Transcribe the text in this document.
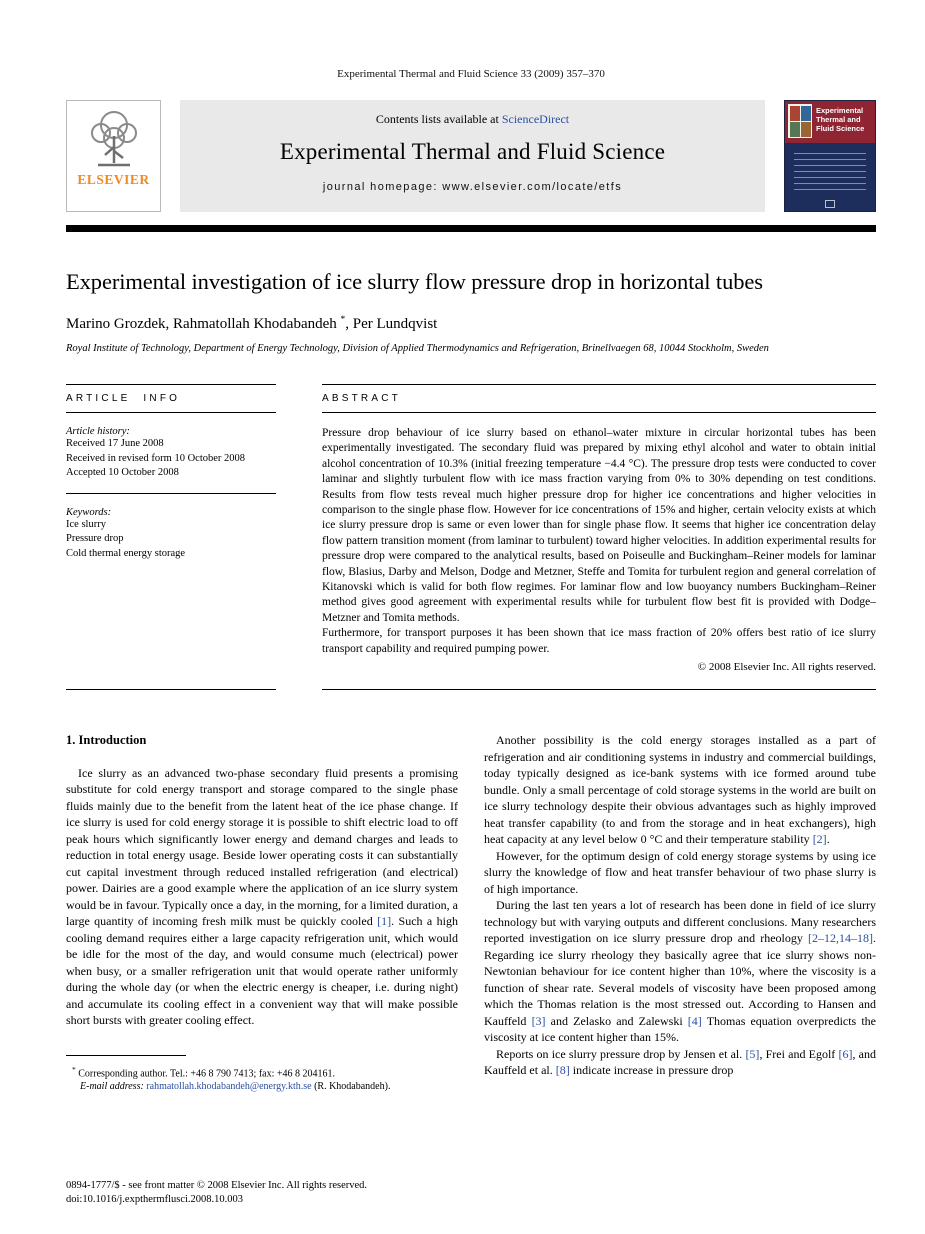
Experimental Thermal and Fluid Science 33 (2009) 357–370
ELSEVIER
Contents lists available at ScienceDirect
Experimental Thermal and Fluid Science
journal homepage: www.elsevier.com/locate/etfs
Experimental Thermal and Fluid Science
Experimental investigation of ice slurry flow pressure drop in horizontal tubes
Marino Grozdek, Rahmatollah Khodabandeh *, Per Lundqvist
Royal Institute of Technology, Department of Energy Technology, Division of Applied Thermodynamics and Refrigeration, Brinellvaegen 68, 10044 Stockholm, Sweden
ARTICLE INFO
Article history:
Received 17 June 2008
Received in revised form 10 October 2008
Accepted 10 October 2008
Keywords:
Ice slurry
Pressure drop
Cold thermal energy storage
ABSTRACT
Pressure drop behaviour of ice slurry based on ethanol–water mixture in circular horizontal tubes has been experimentally investigated. The secondary fluid was prepared by mixing ethyl alcohol and water to obtain initial alcohol concentration of 10.3% (initial freezing temperature −4.4 °C). The pressure drop tests were conducted to cover laminar and slightly turbulent flow with ice mass fraction varying from 0% to 30% depending on test conditions. Results from flow tests reveal much higher pressure drop for higher ice concentrations and higher velocities in comparison to the single phase flow. However for ice concentrations of 15% and higher, certain velocity exists at which ice slurry pressure drop is same or even lower than for single phase flow. It seems that higher ice concentration delay flow pattern transition moment (from laminar to turbulent) toward higher velocities. In addition experimental results for pressure drop were compared to the analytical results, based on Poiseulle and Buckingham–Reiner models for laminar flow, Blasius, Darby and Melson, Dodge and Metzner, Steffe and Tomita for turbulent region and general correlation of Kitanovski which is valid for both flow regimes. For laminar flow and low buoyancy numbers Buckingham–Reiner method gives good agreement with experimental results while for turbulent flow best fit is provided with Dodge–Metzner and Tomita methods.
Furthermore, for transport purposes it has been shown that ice mass fraction of 20% offers best ratio of ice slurry transport capability and required pumping power.
© 2008 Elsevier Inc. All rights reserved.
1. Introduction

Ice slurry as an advanced two-phase secondary fluid presents a promising substitute for cold energy transport and storage compared to the single phase fluids mainly due to the benefit from the latent heat of the ice phase change. If ice slurry is used for cold energy storage it is possible to shift electric load to off peak hours which significantly lower energy and demand charges and leads to reduction in total energy usage. Beside lower operating costs it can substantially cut capital investment through reduced installed refrigeration (and electrical) power. Dairies are a good example where the application of an ice slurry system would be in favour. Typically once a day, in the morning, for a limited duration, a large quantity of incoming fresh milk must be quickly cooled [1]. Such a high cooling demand requires either a large capacity refrigeration unit, which would be idle for the most of the day, and would consume much (electrical) power when busy, or a smaller refrigeration unit that would operate rather uniformly during the whole day (or when the electric energy is cheaper, i.e. during night) and accumulate its cooling effect in a convenient way that will make possible short bursts with greater cooling effect.

* Corresponding author. Tel.: +46 8 790 7413; fax: +46 8 204161.
E-mail address: rahmatollah.khodabandeh@energy.kth.se (R. Khodabandeh).

Another possibility is the cold energy storages installed as a part of refrigeration and air conditioning systems in industry and commercial buildings, today typically designed as ice-bank systems with ice formed around tube bundle. Only a small percentage of cold storage systems in the world are built on ice slurry technology despite their obvious advantages such as highly improved heat transfer capability (to and from the storage and in heat exchangers), high heat capacity at any level below 0 °C and their temperature stability [2].

However, for the optimum design of cold energy storage systems by using ice slurry the knowledge of flow and heat transfer behaviour of two phase slurry is of high importance.

During the last ten years a lot of research has been done in field of ice slurry technology but with varying outputs and different conclusions. Many researchers reported investigation on ice slurry pressure drop and rheology [2–12,14–18]. Regarding ice slurry rheology they basically agree that ice slurry shows non-Newtonian behaviour for ice content higher than 10%, where the viscosity is a function of shear rate. Several models of viscosity have been proposed among which the Thomas relation is the most stressed out. According to Hansen and Kauffeld [3] and Zelasko and Zalewski [4] Thomas equation overpredicts the viscosity at ice content higher than 15%.

Reports on ice slurry pressure drop by Jensen et al. [5], Frei and Egolf [6], and Kauffeld et al. [8] indicate increase in pressure drop

0894-1777/$ - see front matter © 2008 Elsevier Inc. All rights reserved.
doi:10.1016/j.expthermflusci.2008.10.003
